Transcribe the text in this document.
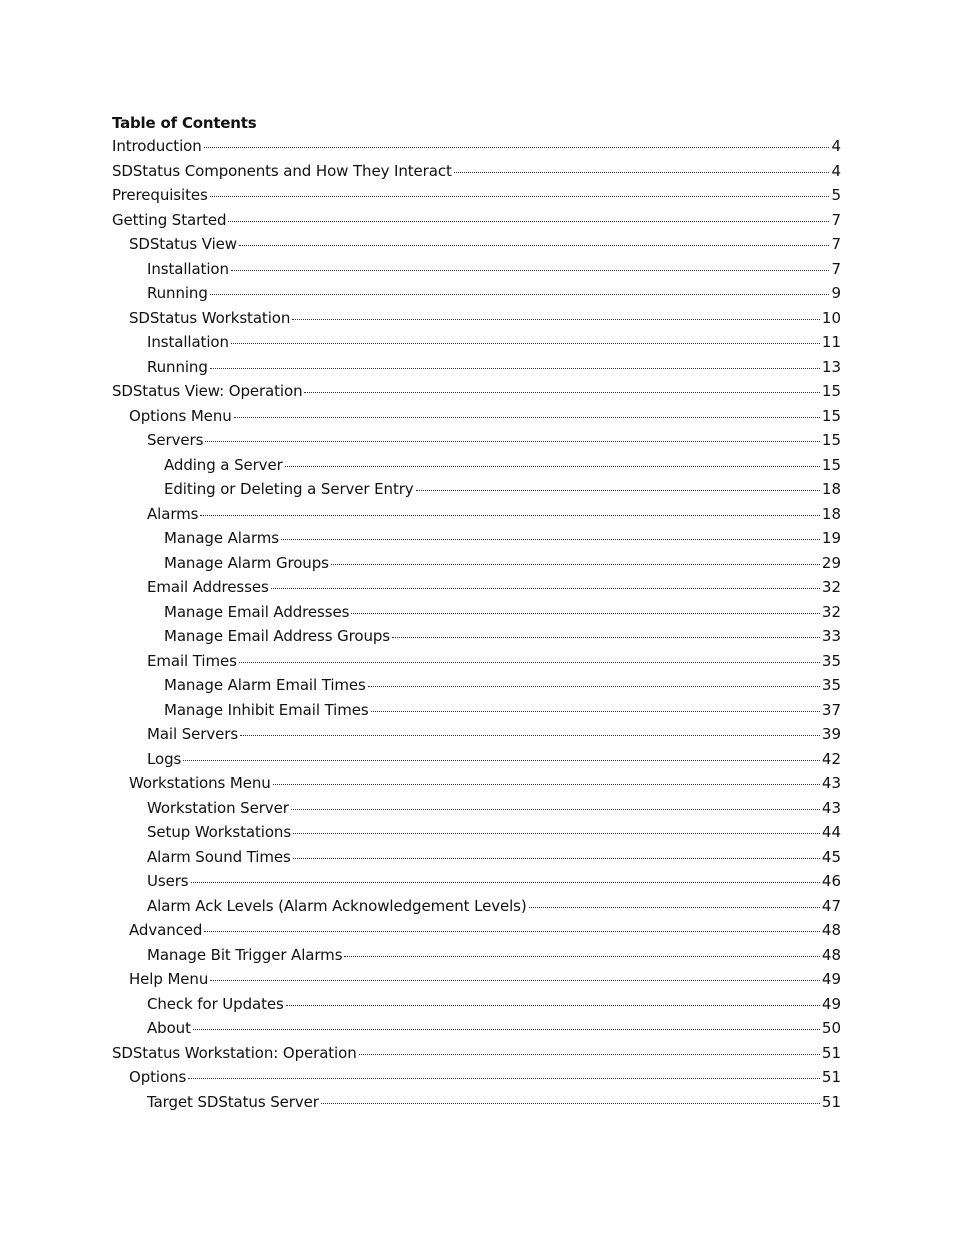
Table of Contents
Introduction	4
SDStatus Components and How They Interact	4
Prerequisites	5
Getting Started	7
SDStatus View	7
Installation	7
Running	9
SDStatus Workstation	10
Installation	11
Running	13
SDStatus View: Operation	15
Options Menu	15
Servers	15
Adding a Server	15
Editing or Deleting a Server Entry	18
Alarms	18
Manage Alarms	19
Manage Alarm Groups	29
Email Addresses	32
Manage Email Addresses	32
Manage Email Address Groups	33
Email Times	35
Manage Alarm Email Times	35
Manage Inhibit Email Times	37
Mail Servers	39
Logs	42
Workstations Menu	43
Workstation Server	43
Setup Workstations	44
Alarm Sound Times	45
Users	46
Alarm Ack Levels (Alarm Acknowledgement Levels)	47
Advanced	48
Manage Bit Trigger Alarms	48
Help Menu	49
Check for Updates	49
About	50
SDStatus Workstation: Operation	51
Options	51
Target SDStatus Server	51
